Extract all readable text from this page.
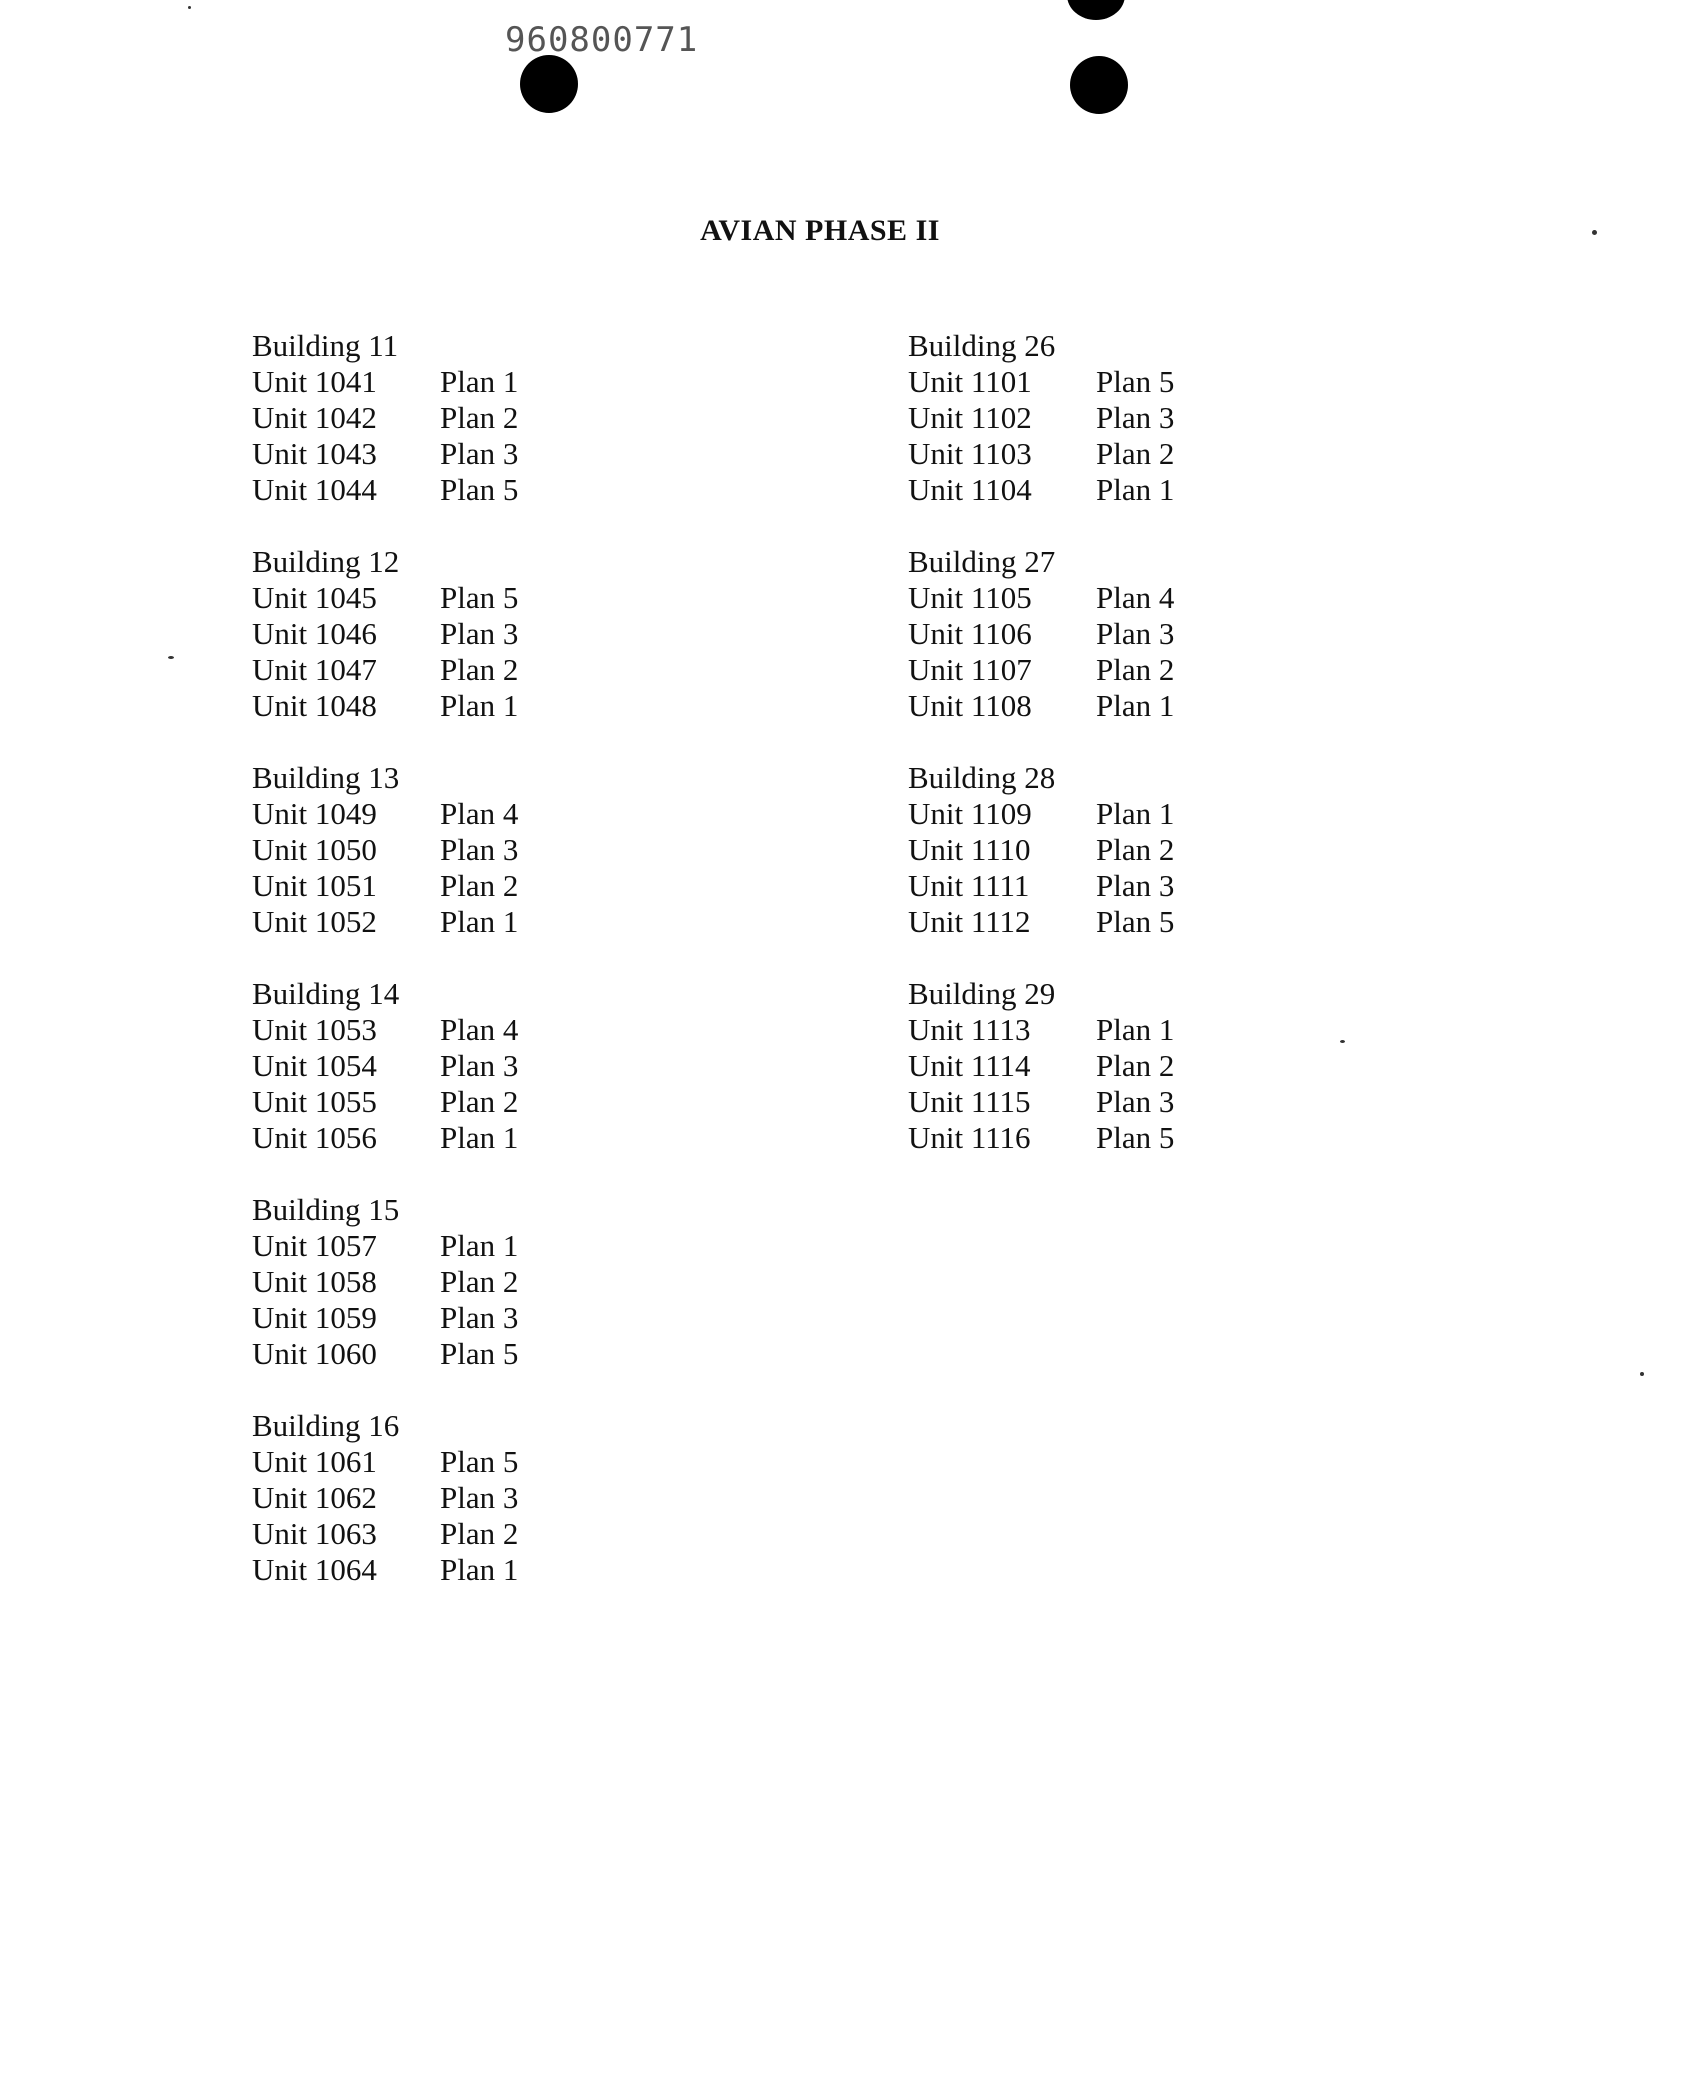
960800771
AVIAN PHASE II
Building 11
Unit 1041	Plan 1
Unit 1042	Plan 2
Unit 1043	Plan 3
Unit 1044	Plan 5
Building 12
Unit 1045	Plan 5
Unit 1046	Plan 3
Unit 1047	Plan 2
Unit 1048	Plan 1
Building 13
Unit 1049	Plan 4
Unit 1050	Plan 3
Unit 1051	Plan 2
Unit 1052	Plan 1
Building 14
Unit 1053	Plan 4
Unit 1054	Plan 3
Unit 1055	Plan 2
Unit 1056	Plan 1
Building 15
Unit 1057	Plan 1
Unit 1058	Plan 2
Unit 1059	Plan 3
Unit 1060	Plan 5
Building 16
Unit 1061	Plan 5
Unit 1062	Plan 3
Unit 1063	Plan 2
Unit 1064	Plan 1
Building 26
Unit 1101	Plan 5
Unit 1102	Plan 3
Unit 1103	Plan 2
Unit 1104	Plan 1
Building 27
Unit 1105	Plan 4
Unit 1106	Plan 3
Unit 1107	Plan 2
Unit 1108	Plan 1
Building 28
Unit 1109	Plan 1
Unit 1110	Plan 2
Unit 1111	Plan 3
Unit 1112	Plan 5
Building 29
Unit 1113	Plan 1
Unit 1114	Plan 2
Unit 1115	Plan 3
Unit 1116	Plan 5
